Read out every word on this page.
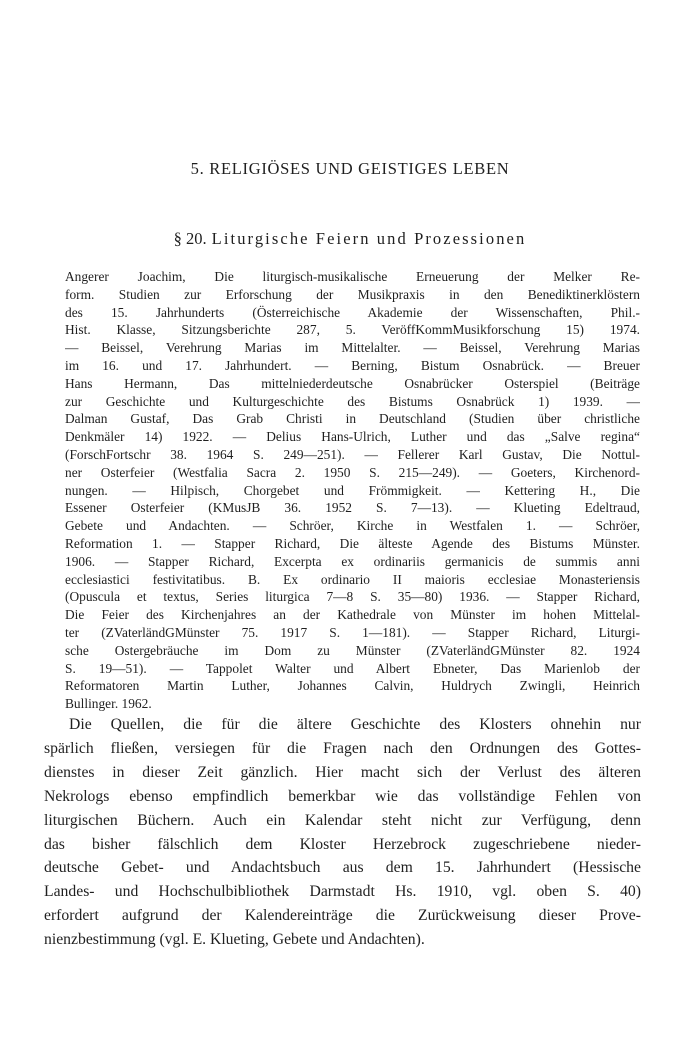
5. RELIGIÖSES UND GEISTIGES LEBEN
§ 20. Liturgische Feiern und Prozessionen
Angerer Joachim, Die liturgisch-musikalische Erneuerung der Melker Re-
form. Studien zur Erforschung der Musikpraxis in den Benediktinerklöstern
des 15. Jahrhunderts (Österreichische Akademie der Wissenschaften, Phil.-
Hist. Klasse, Sitzungsberichte 287, 5. VeröffKommMusikforschung 15) 1974.
— Beissel, Verehrung Marias im Mittelalter. — Beissel, Verehrung Marias
im 16. und 17. Jahrhundert. — Berning, Bistum Osnabrück. — Breuer
Hans Hermann, Das mittelniederdeutsche Osnabrücker Osterspiel (Beiträge
zur Geschichte und Kulturgeschichte des Bistums Osnabrück 1) 1939. —
Dalman Gustaf, Das Grab Christi in Deutschland (Studien über christliche
Denkmäler 14) 1922. — Delius Hans-Ulrich, Luther und das „Salve regina“
(ForschFortschr 38. 1964 S. 249—251). — Fellerer Karl Gustav, Die Nottul-
ner Osterfeier (Westfalia Sacra 2. 1950 S. 215—249). — Goeters, Kirchenord-
nungen. — Hilpisch, Chorgebet und Frömmigkeit. — Kettering H., Die
Essener Osterfeier (KMusJB 36. 1952 S. 7—13). — Klueting Edeltraud,
Gebete und Andachten. — Schröer, Kirche in Westfalen 1. — Schröer,
Reformation 1. — Stapper Richard, Die älteste Agende des Bistums Münster.
1906. — Stapper Richard, Excerpta ex ordinariis germanicis de summis anni
ecclesiastici festivitatibus. B. Ex ordinario II maioris ecclesiae Monasteriensis
(Opuscula et textus, Series liturgica 7—8 S. 35—80) 1936. — Stapper Richard,
Die Feier des Kirchenjahres an der Kathedrale von Münster im hohen Mittelal-
ter (ZVaterländGMünster 75. 1917 S. 1—181). — Stapper Richard, Liturgi-
sche Ostergebräuche im Dom zu Münster (ZVaterländGMünster 82. 1924
S. 19—51). — Tappolet Walter und Albert Ebneter, Das Marienlob der
Reformatoren Martin Luther, Johannes Calvin, Huldrych Zwingli, Heinrich
Bullinger. 1962.
Die Quellen, die für die ältere Geschichte des Klosters ohnehin nur
spärlich fließen, versiegen für die Fragen nach den Ordnungen des Gottes-
dienstes in dieser Zeit gänzlich. Hier macht sich der Verlust des älteren
Nekrologs ebenso empfindlich bemerkbar wie das vollständige Fehlen von
liturgischen Büchern. Auch ein Kalendar steht nicht zur Verfügung, denn
das bisher fälschlich dem Kloster Herzebrock zugeschriebene nieder-
deutsche Gebet- und Andachtsbuch aus dem 15. Jahrhundert (Hessische
Landes- und Hochschulbibliothek Darmstadt Hs. 1910, vgl. oben S. 40)
erfordert aufgrund der Kalendereinträge die Zurückweisung dieser Prove-
nienzbestimmung (vgl. E. Klueting, Gebete und Andachten).
